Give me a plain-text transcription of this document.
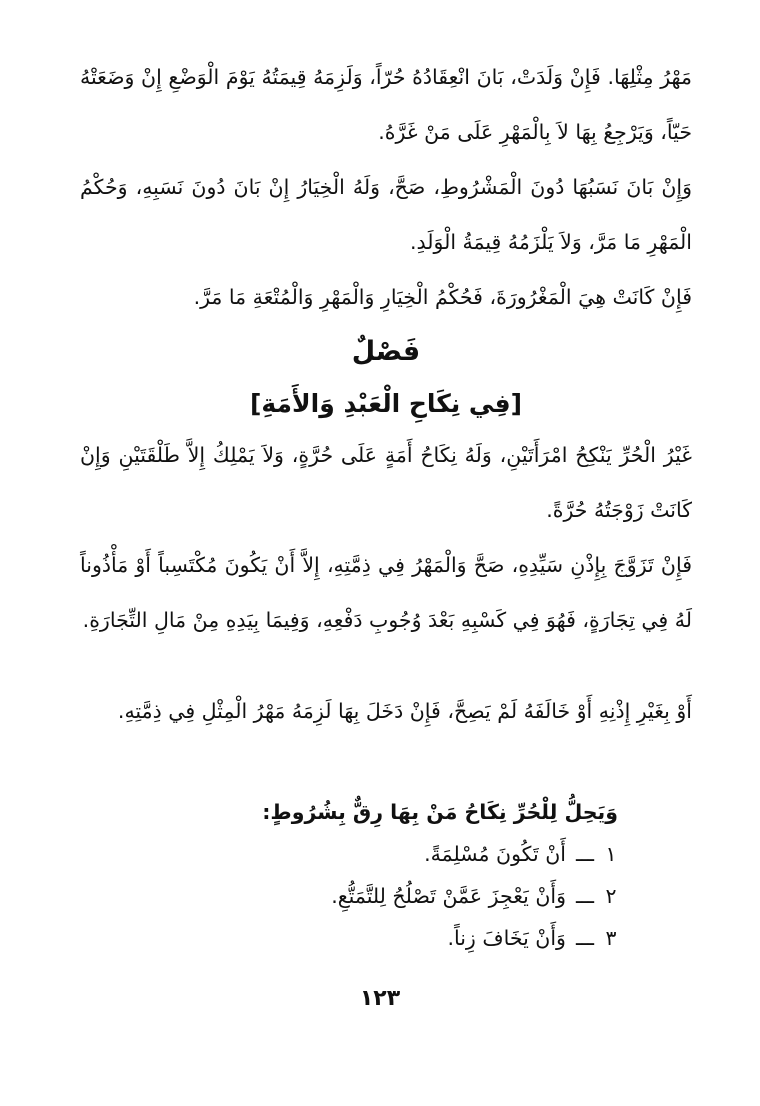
مَهْرُ مِثْلِهَا. فَإِنْ وَلَدَتْ، بَانَ انْعِقَادُهُ حُرّاً، وَلَزِمَهُ قِيمَتُهُ يَوْمَ الْوَضْعِ إِنْ وَضَعَتْهُ حَيّاً، وَيَرْجِعُ بِهَا لاَ بِالْمَهْرِ عَلَى مَنْ غَرَّهُ.

وَإِنْ بَانَ نَسَبُهَا دُونَ الْمَشْرُوطِ، صَحَّ، وَلَهُ الْخِيَارُ إِنْ بَانَ دُونَ نَسَبِهِ، وَحُكْمُ الْمَهْرِ مَا مَرَّ، وَلاَ يَلْزَمُهُ قِيمَةُ الْوَلَدِ.

فَإِنْ كَانَتْ هِيَ الْمَغْرُورَةَ، فَحُكْمُ الْخِيَارِ وَالْمَهْرِ وَالْمُتْعَةِ مَا مَرَّ.

فَصْلٌ
[فِي نِكَاحِ الْعَبْدِ وَالأَمَةِ]

غَيْرُ الْحُرِّ يَنْكِحُ امْرَأَتَيْنِ، وَلَهُ نِكَاحُ أَمَةٍ عَلَى حُرَّةٍ، وَلاَ يَمْلِكُ إِلاَّ طَلْقَتَيْنِ وَإِنْ كَانَتْ زَوْجَتُهُ حُرَّةً.

فَإِنْ تَزَوَّجَ بِإِذْنِ سَيِّدِهِ، صَحَّ وَالْمَهْرُ فِي ذِمَّتِهِ، إِلاَّ أَنْ يَكُونَ مُكْتَسِباً أَوْ مَأْذُوناً لَهُ فِي تِجَارَةٍ، فَهُوَ فِي كَسْبِهِ بَعْدَ وُجُوبِ دَفْعِهِ، وَفِيمَا بِيَدِهِ مِنْ مَالِ التِّجَارَةِ.

أَوْ بِغَيْرِ إِذْنِهِ أَوْ خَالَفَهُ لَمْ يَصِحَّ، فَإِنْ دَخَلَ بِهَا لَزِمَهُ مَهْرُ الْمِثْلِ فِي ذِمَّتِهِ.

وَيَحِلُّ لِلْحُرِّ نِكَاحُ مَنْ بِهَا رِقٌّ بِشُرُوطٍ:
١ـــأَنْ تَكُونَ مُسْلِمَةً.
٢ـــوَأَنْ يَعْجِزَ عَمَّنْ تَصْلُحُ لِلتَّمَتُّعِ.
٣ـــوَأَنْ يَخَافَ زِناً.
١٢٣
